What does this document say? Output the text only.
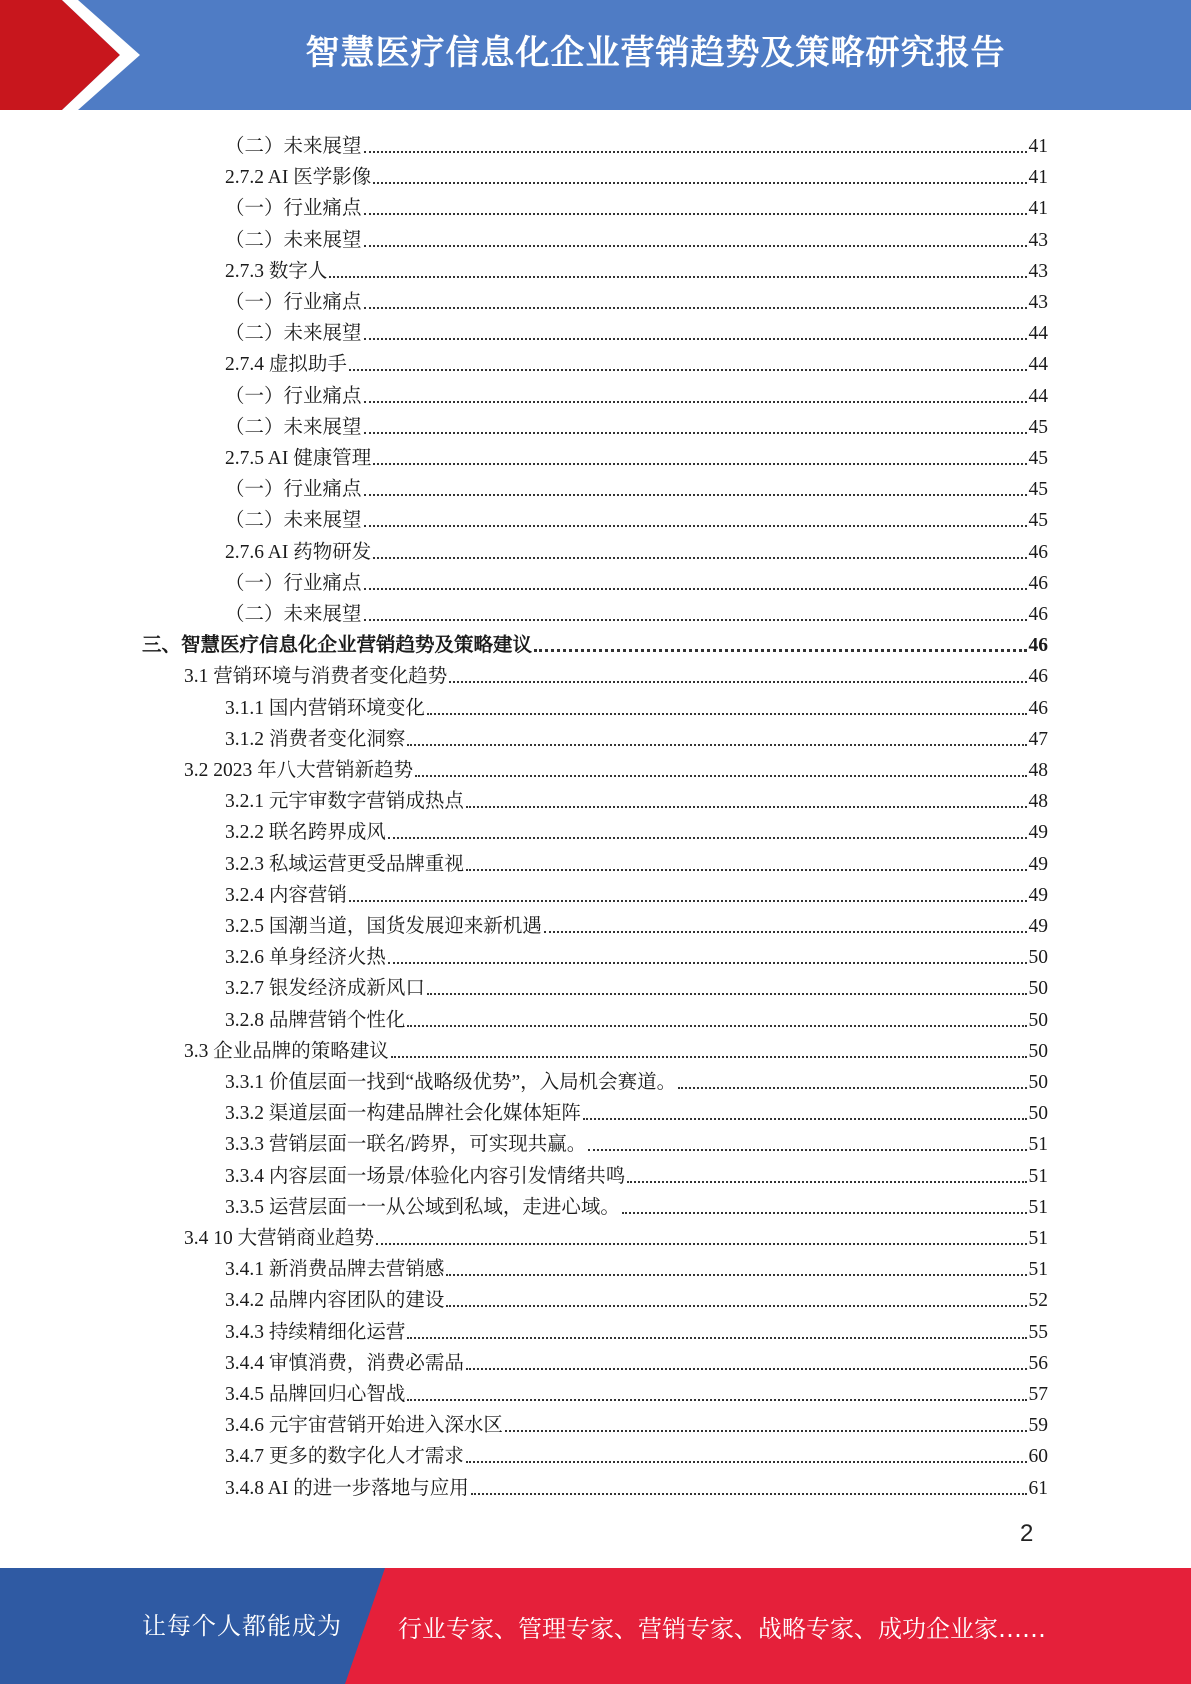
智慧医疗信息化企业营销趋势及策略研究报告
（二）未来展望	41
2.7.2 AI 医学影像	41
（一）行业痛点	41
（二）未来展望	43
2.7.3 数字人	43
（一）行业痛点	43
（二）未来展望	44
2.7.4 虚拟助手	44
（一）行业痛点	44
（二）未来展望	45
2.7.5 AI 健康管理	45
（一）行业痛点	45
（二）未来展望	45
2.7.6 AI 药物研发	46
（一）行业痛点	46
（二）未来展望	46
三、智慧医疗信息化企业营销趋势及策略建议	46
3.1 营销环境与消费者变化趋势	46
3.1.1 国内营销环境变化	46
3.1.2 消费者变化洞察	47
3.2 2023 年八大营销新趋势	48
3.2.1 元宇审数字营销成热点	48
3.2.2 联名跨界成风	49
3.2.3 私域运营更受品牌重视	49
3.2.4 内容营销	49
3.2.5 国潮当道，国货发展迎来新机遇	49
3.2.6 单身经济火热	50
3.2.7 银发经济成新风口	50
3.2.8 品牌营销个性化	50
3.3 企业品牌的策略建议	50
3.3.1 价值层面一找到“战略级优势”，入局机会赛道。	50
3.3.2 渠道层面一构建品牌社会化媒体矩阵	50
3.3.3 营销层面一联名/跨界，可实现共赢。	51
3.3.4 内容层面一场景/体验化内容引发情绪共鸣	51
3.3.5 运营层面一一从公域到私域，走进心域。	51
3.4 10 大营销商业趋势	51
3.4.1 新消费品牌去营销感	51
3.4.2 品牌内容团队的建设	52
3.4.3 持续精细化运营	55
3.4.4 审慎消费，消费必需品	56
3.4.5 品牌回归心智战	57
3.4.6 元宇宙营销开始进入深水区	59
3.4.7 更多的数字化人才需求	60
3.4.8 AI 的进一步落地与应用	61
2
让每个人都能成为 行业专家、管理专家、营销专家、战略专家、成功企业家……
